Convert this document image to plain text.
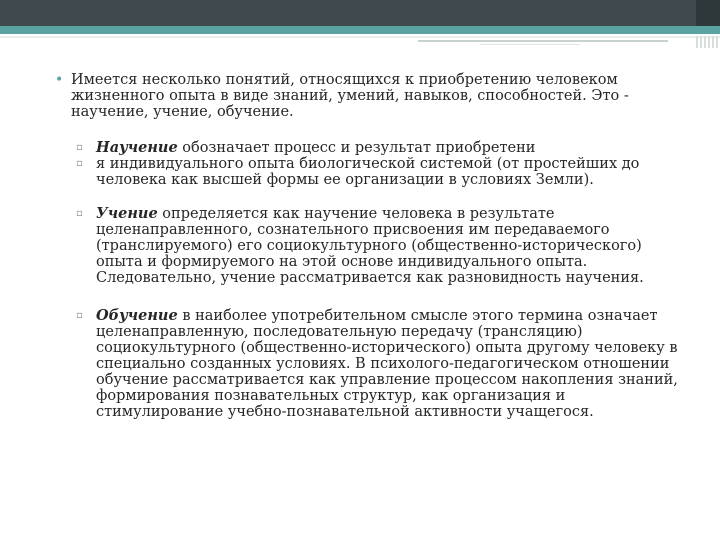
• Имеется несколько понятий, относящихся к приобретению человеком жизненного опыта в виде знаний, умений, навыков, способностей. Это - научение, учение, обучение.
▫ Научение обозначает процесс и результат приобретени
▫ я индивидуального опыта биологической системой (от простейших до человека как высшей формы ее организации в условиях Земли).
▫ Учение определяется как научение человека в результате целенаправленного, сознательного присвоения им передаваемого (транслируемого) его социокультурного (общественно-исторического) опыта и формируемого на этой основе индивидуального опыта. Следовательно, учение рассматривается как разновидность научения.
▫ Обучение в наиболее употребительном смысле этого термина означает целенаправленную, последовательную передачу (трансляцию) социокультурного (общественно-исторического) опыта другому человеку в специально созданных условиях. В психолого-педагогическом отношении обучение рассматривается как управление процессом накопления знаний, формирования познавательных структур, как организация и стимулирование учебно-познавательной активности учащегося.
